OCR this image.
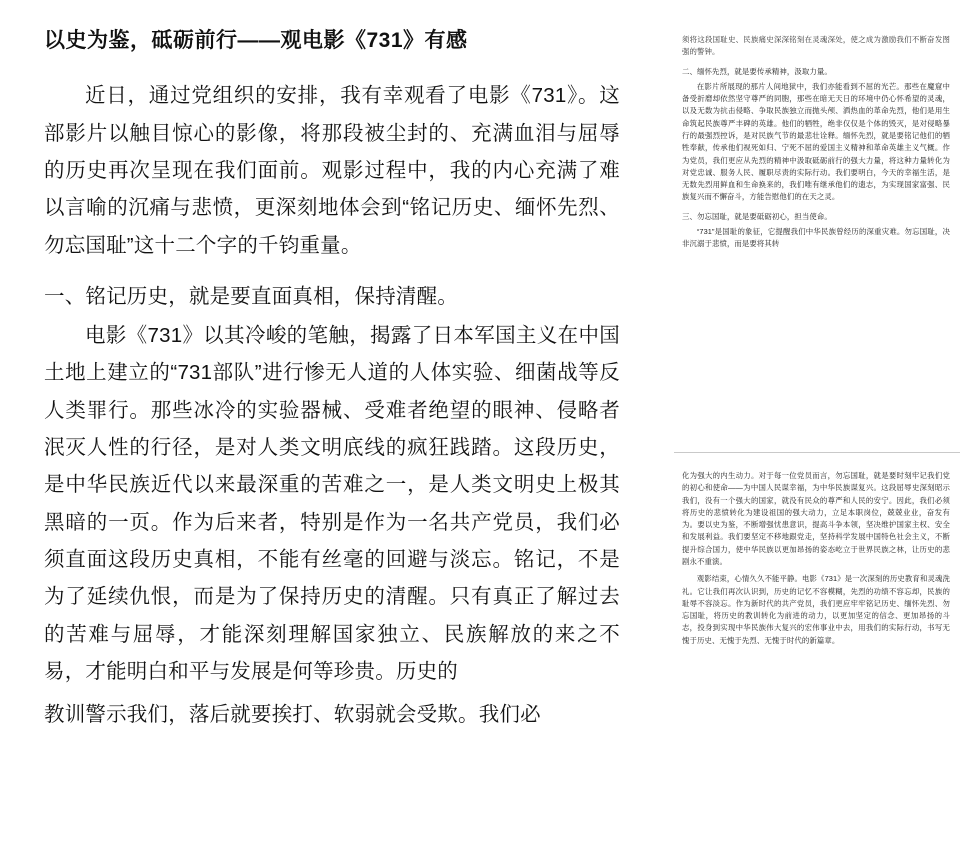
以史为鉴，砥砺前行——观电影《731》有感

近日，通过党组织的安排，我有幸观看了电影《731》。这部影片以触目惊心的影像，将那段被尘封的、充满血泪与屈辱的历史再次呈现在我们面前。观影过程中，我的内心充满了难以言喻的沉痛与悲愤，更深刻地体会到“铭记历史、缅怀先烈、勿忘国耻”这十二个字的千钧重量。

一、铭记历史，就是要直面真相，保持清醒。

电影《731》以其冷峻的笔触，揭露了日本军国主义在中国土地上建立的“731部队”进行惨无人道的人体实验、细菌战等反人类罪行。那些冰冷的实验器械、受难者绝望的眼神、侵略者泯灭人性的行径，是对人类文明底线的疯狂践踏。这段历史，是中华民族近代以来最深重的苦难之一，是人类文明史上极其黑暗的一页。作为后来者，特别是作为一名共产党员，我们必须直面这段历史真相，不能有丝毫的回避与淡忘。铭记，不是为了延续仇恨，而是为了保持历史的清醒。只有真正了解过去的苦难与屈辱，才能深刻理解国家独立、民族解放的来之不易，才能明白和平与发展是何等珍贵。历史的

教训警示我们，落后就要挨打、软弱就会受欺。我们必

须将这段国耻史、民族痛史深深铭刻在灵魂深处，使之成为激励我们不断奋发图强的警钟。

二、缅怀先烈，就是要传承精神，汲取力量。

在影片所展现的那片人间地狱中，我们亦能看到不屈的光芒。那些在魔窟中备受折磨却依然坚守尊严的同胞，那些在暗无天日的环境中仍心怀希望的灵魂，以及无数为抗击侵略、争取民族独立而抛头颅、洒热血的革命先烈，他们是用生命筑起民族尊严丰碑的英雄。他们的牺牲，绝非仅仅是个体的毁灭，是对侵略暴行的最强烈控诉，是对民族气节的最悲壮诠释。缅怀先烈，就是要铭记他们的牺牲奉献，传承他们视死如归、宁死不屈的爱国主义精神和革命英雄主义气概。作为党员，我们更应从先烈的精神中汲取砥砺前行的强大力量，将这种力量转化为对党忠诚、服务人民、履职尽责的实际行动。我们要明白，今天的幸福生活，是无数先烈用鲜血和生命换来的，我们唯有继承他们的遗志，为实现国家富强、民族复兴而不懈奋斗，方能告慰他们的在天之灵。

三、勿忘国耻，就是要砥砺初心，担当使命。

“731”是国耻的象征，它提醒我们中华民族曾经历的深重灾难。勿忘国耻，决非沉溺于悲愤，而是要将其转

化为强大的内生动力。对于每一位党员而言，勿忘国耻，就是要时刻牢记我们党的初心和使命——为中国人民谋幸福，为中华民族谋复兴。这段屈辱史深刻昭示我们，没有一个强大的国家，就没有民众的尊严和人民的安宁。因此，我们必须将历史的悲愤转化为建设祖国的强大动力，立足本职岗位，兢兢业业，奋发有为。要以史为鉴，不断增强忧患意识，提高斗争本领，坚决维护国家主权、安全和发展利益。我们要坚定不移地跟党走，坚持科学发展中国特色社会主义，不断提升综合国力，使中华民族以更加昂扬的姿态屹立于世界民族之林，让历史的悲剧永不重演。

观影结束，心情久久不能平静。电影《731》是一次深刻的历史教育和灵魂洗礼。它让我们再次认识到，历史的记忆不容模糊，先烈的功绩不容忘却，民族的耻辱不容淡忘。作为新时代的共产党员，我们更应牢牢铭记历史、缅怀先烈、勿忘国耻，将历史的教训转化为前进的动力，以更加坚定的信念、更加昂扬的斗志，投身到实现中华民族伟大复兴的宏伟事业中去，用我们的实际行动，书写无愧于历史、无愧于先烈、无愧于时代的新篇章。
